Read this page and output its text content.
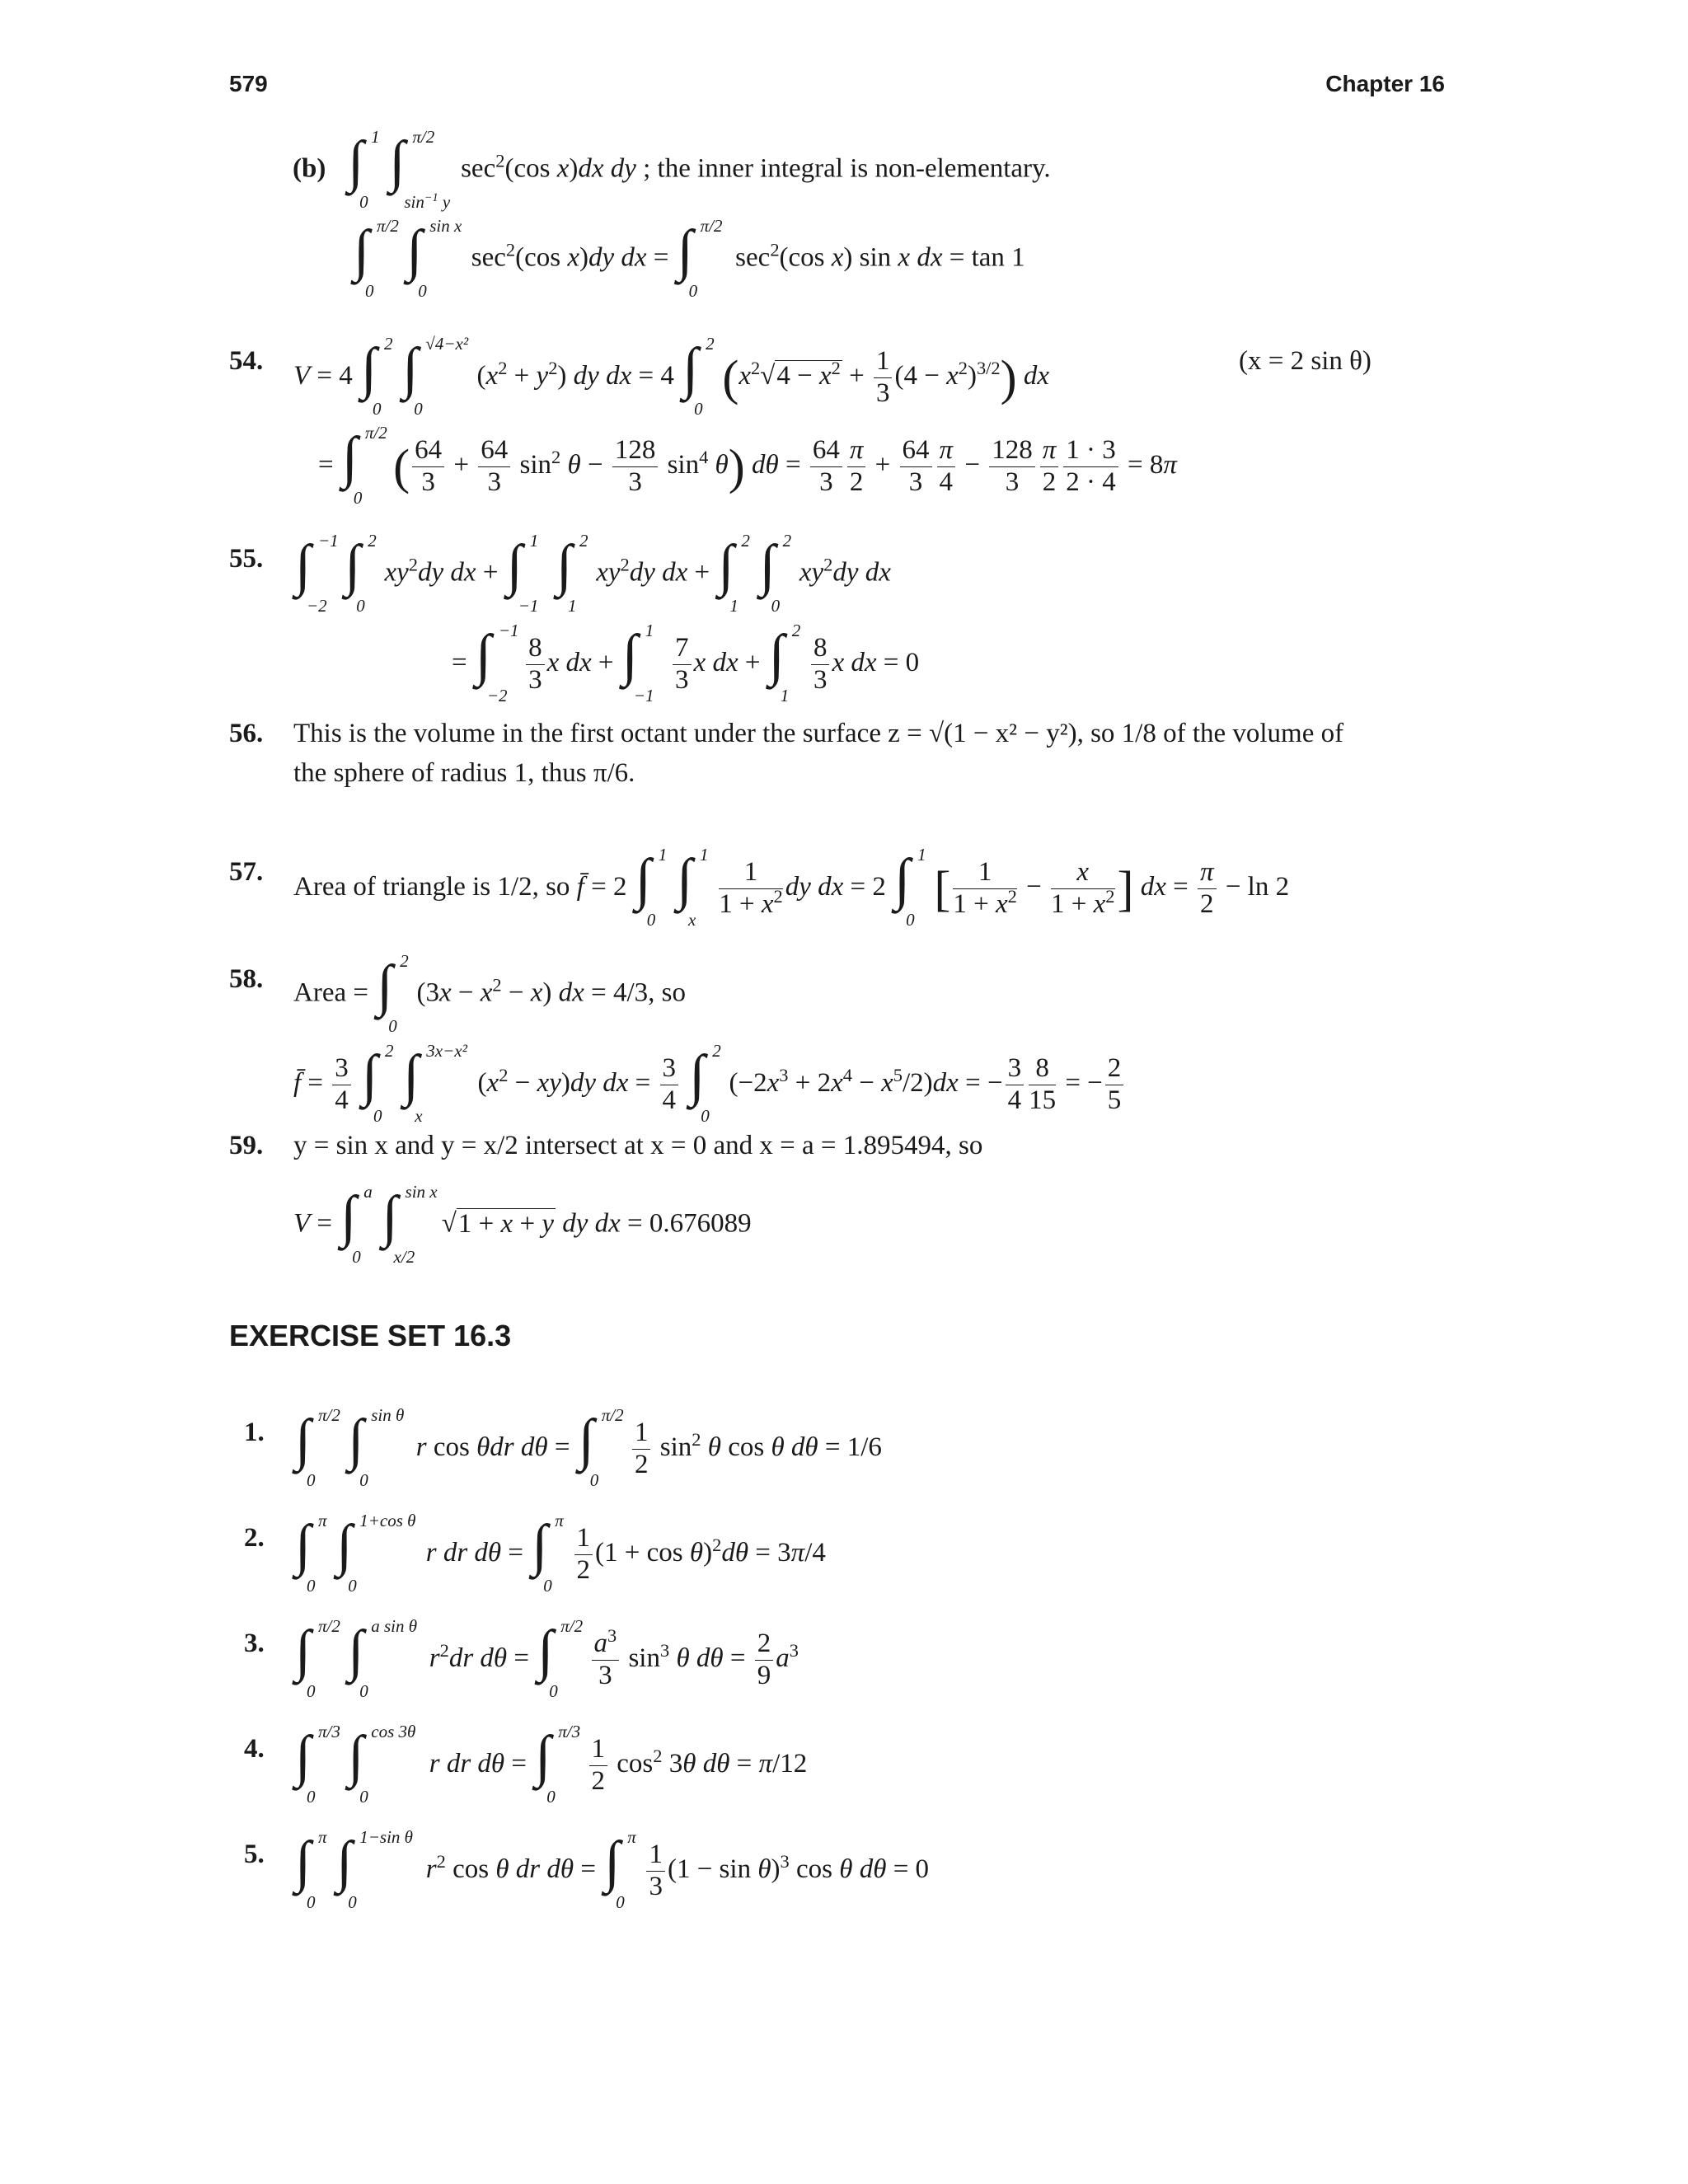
579	Chapter 16
(b) ∫ 1
0

∫ π/2
$\sin^{-1} y$
$\sec^2(\cos$ x)dx dy ; the inner integral is non-elementary.
∫ π/2
0

∫ sin x
0
$\sec^2(\cos$ x)dy dx = ∫ π/2
0
$\sec^2(\cos$ x) sin x dx = tan 1
54.
V = 4 ∫ 2
0

∫ √4−x²
0
$(x^2 + y^2)$ dy dx = 4 ∫ 2
0
$(x^2√4 - x^2 + \frac{1}{3} (4 - x^2)^{3/2})$ dx
(x = 2 sin θ)
= ∫ π/2
0
( $\frac{64}{3} + \frac{64}{3} \sin^2 \theta - \frac{128}{3} \sin^4 \theta$) $d\theta = \frac{64}{3} \frac{\pi}{2} + \frac{64}{3} \frac{\pi}{4} - \frac{128}{3} \frac{\pi}{2} \frac{1 \cdot 3}{2 \cdot 4} = 8\pi$
55. ∫ −1
−2

∫ 2
0
$xy^2dy$ dx + ∫ 1
−1

∫ 2
1
$xy^2dy$ dx + ∫ 2
1

∫ 2
0
$xy^2dy$ dx
= ∫ −1
−2
$\frac{8}{3}$ x dx + ∫ 1
−1
$\frac{7}{3}$ x dx + ∫ 2
1
$\frac{8}{3}$ x dx = 0
56. This is the volume in the first octant under the surface z = √(1 − x² − y²), so 1/8 of the volume of
the sphere of radius 1, thus π/6.
57.
Area of triangle is 1/2, so f̄ = 2 ∫ 1
0

∫ 1
x
$\frac{1}{1 + x^2}$ dy dx = 2 ∫ 1
0
[ $\frac{1}{1 + x^2} - \frac{x}{1 + x^2}$ ] dx = $\frac{\pi}{2} - \ln 2$
58. Area = ∫ 2
0
$(3x - x^2 - x)$ dx = 4/3, so
f̄ = $\frac{3}{4}$
∫ 2
0

∫ 3x−x²
x
$(x^2 - xy)dy$ dx = $\frac{3}{4}$
∫ 2
0
$(-2x^3 + 2x^4 - x^5/2)dx$ = − $\frac{3}{4} \frac{8}{15}$ = − $\frac{2}{5}$
59. y = sin x and y = x/2 intersect at x = 0 and x = a = 1.895494, so
V = ∫ a
0

∫ sin x
x/2
√1 + x + y dy dx = 0.676089
EXERCISE SET 16.3
1. ∫ π/2
0

∫ sin θ
0
r cos θdr dθ = ∫ π/2
0
$\frac{1}{2} \sin^2 \theta$ cos θ dθ = 1/6
2. ∫ π
0

∫ 1+cos θ
0
r dr dθ = ∫ π
0
$\frac{1}{2} (1 + \cos \theta)^2d\theta = 3\pi/4$
3. ∫ π/2
0

∫ a sin θ
0
$r^2dr$ dθ = ∫ π/2
0
$\frac{a^3}{3} \sin^3 \theta$ $d\theta = \frac{2}{9} a^3$
4. ∫ π/3
0

∫ cos 3θ
0
r dr dθ = ∫ π/3
0
$\frac{1}{2} \cos^2 3\theta$ dθ = π/12
5. ∫ π
0

∫ 1−sin θ
0
$r^2$ cos θ dr dθ = ∫ π
0
$\frac{1}{3} (1 - \sin \theta)^3$ cos θ dθ = 0
